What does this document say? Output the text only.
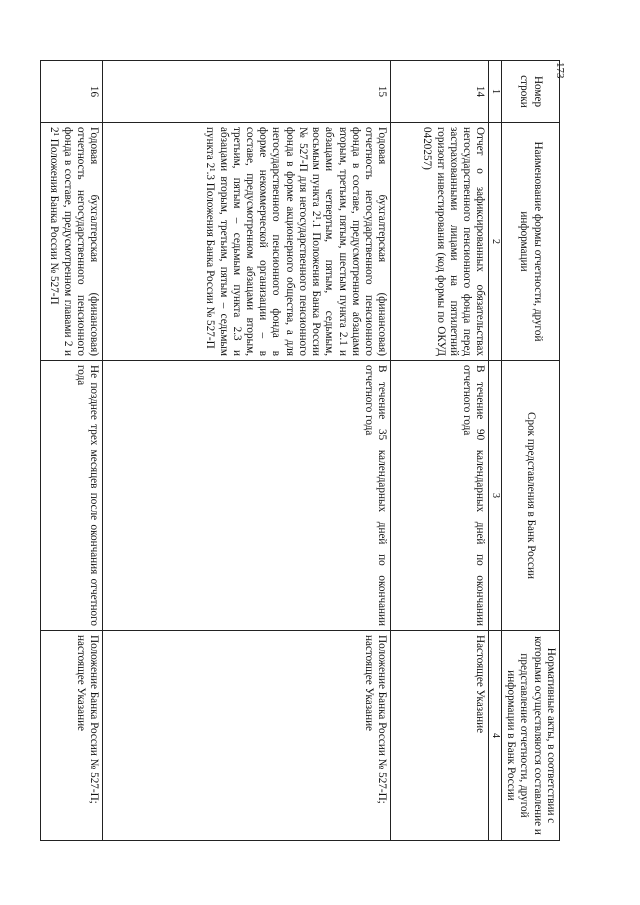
173
Номер строки	Наименование формы отчетности, другой информации	Срок представления в Банк России	Нормативные акты, в соответствии с которыми осуществляются составление и представление отчетности, другой информации в Банк России
1	2	3	4
14	Отчет о зафиксированных обязательствах негосударственного пенсионного фонда перед застрахованными лицами на пятилетний горизонт инвестирования (код формы по ОКУД 0420257)	В течение 90 календарных дней по окончании отчетного года	Настоящее Указание
15	Годовая бухгалтерская (финансовая) отчетность негосударственного пенсионного фонда в составе, предусмотренном абзацами вторым, третьим, пятым, шестым пункта 2.1 и абзацами четвертым, пятым, седьмым, восьмым пункта 2¹.1 Положения Банка России № 527-П для негосударственного пенсионного фонда в форме акционерного общества, а для негосударственного пенсионного фонда в форме некоммерческой организации – в составе, предусмотренном абзацами вторым, третьим, пятым – седьмым пункта 2.3 и абзацами вторым, третьим, пятым – седьмым пункта 2¹.3 Положения Банка России № 527-П	В течение 35 календарных дней по окончании отчетного года	Положение Банка России № 527-П; настоящее Указание
16	Годовая бухгалтерская (финансовая) отчетность негосударственного пенсионного фонда в составе, предусмотренном главами 2 и 2¹ Положения Банка России № 527-П	Не позднее трех месяцев после окончания отчетного года	Положение Банка России № 527-П; настоящее Указание
